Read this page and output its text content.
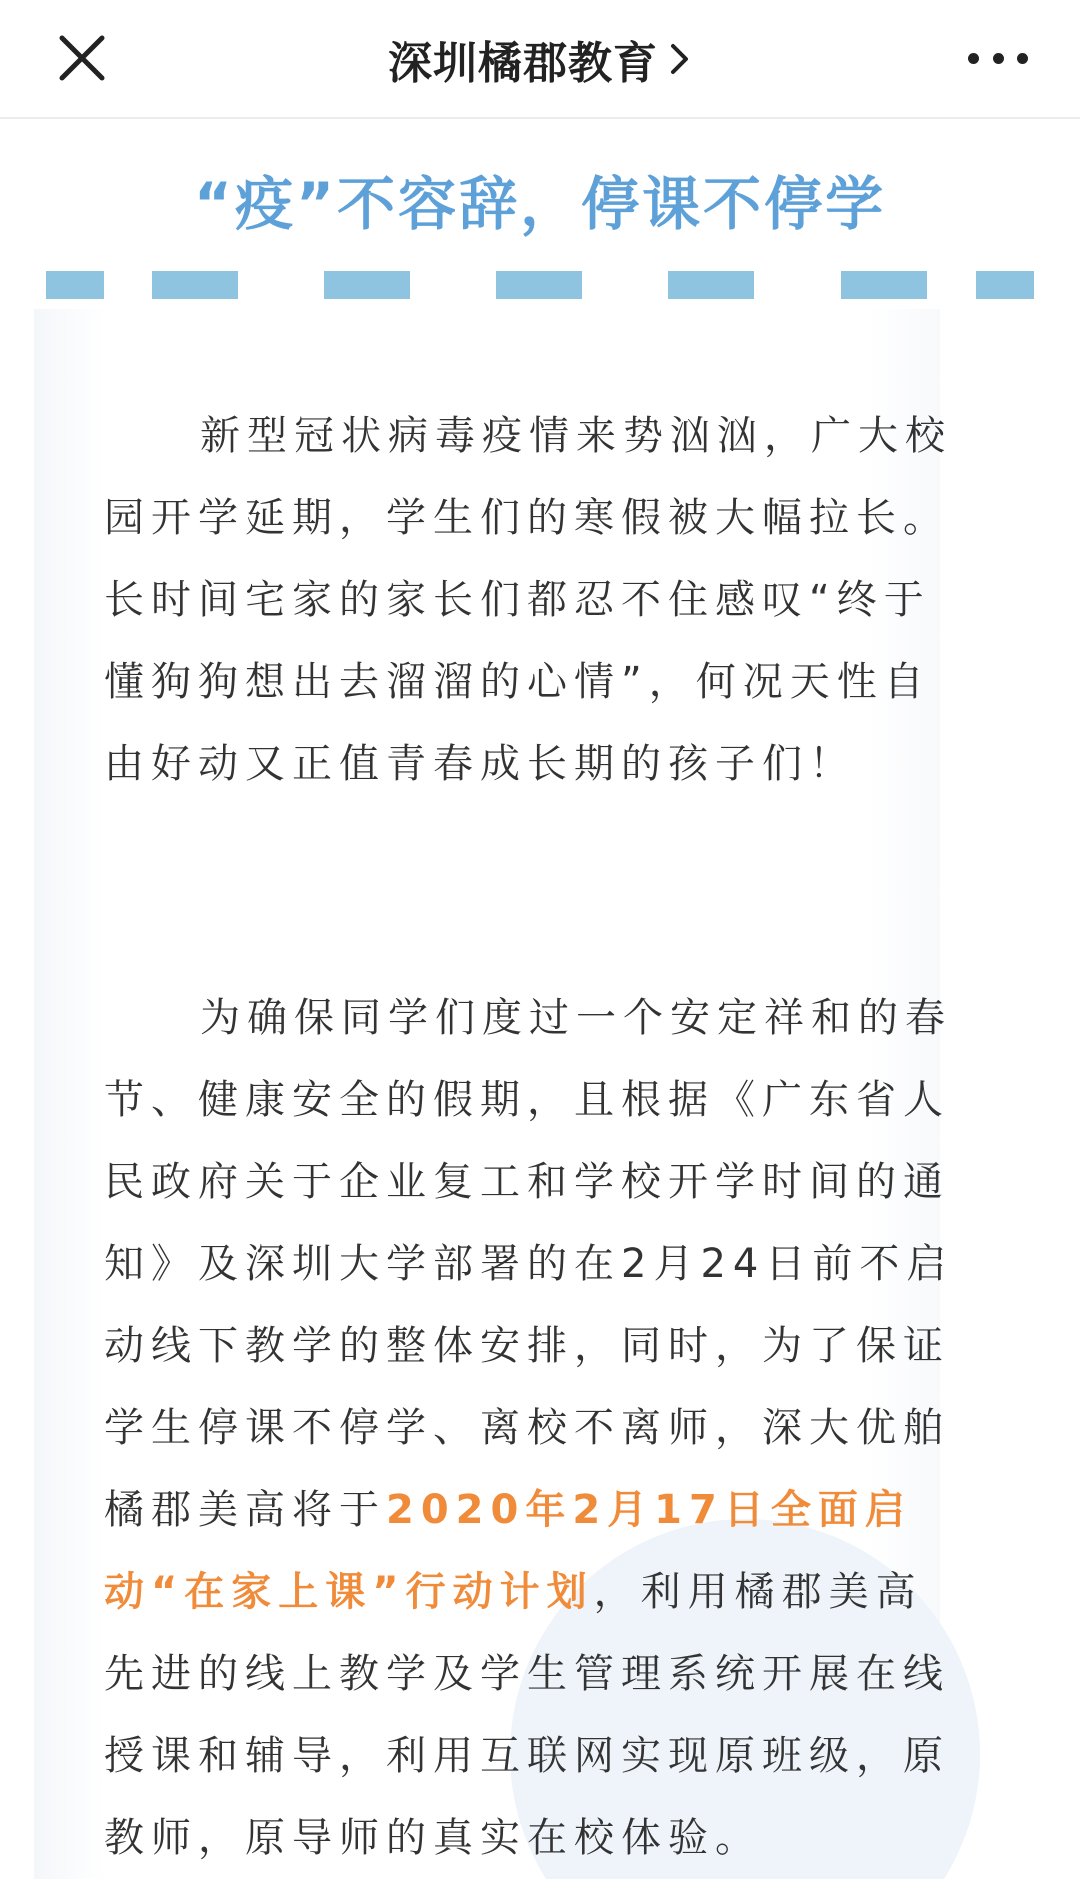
深圳橘郡教育
“疫”不容辞，停课不停学

新型冠状病毒疫情来势汹汹，广大校园开学延期，学生们的寒假被大幅拉长。长时间宅家的家长们都忍不住感叹“终于懂狗狗想出去溜溜的心情”，何况天性自由好动又正值青春成长期的孩子们！

为确保同学们度过一个安定祥和的春节、健康安全的假期，且根据《广东省人民政府关于企业复工和学校开学时间的通知》及深圳大学部署的在2月24日前不启动线下教学的整体安排，同时，为了保证学生停课不停学、离校不离师，深大优舶橘郡美高将于2020年2月17日全面启动“在家上课”行动计划，利用橘郡美高先进的线上教学及学生管理系统开展在线授课和辅导，利用互联网实现原班级，原教师，原导师的真实在校体验。
